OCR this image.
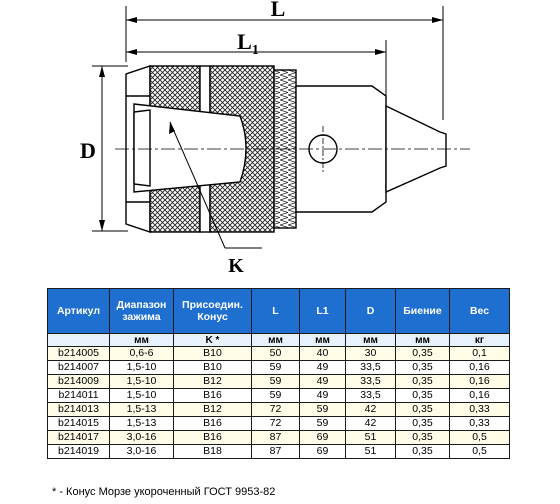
L
$L_1$
D
K
Артикул	Диапазон зажима	Присоедин. Конус	L	L1	D	Биение	Вес
	мм	K *	мм	мм	мм	мм	кг
b214005	0,6-6	B10	50	40	30	0,35	0,1
b214007	1,5-10	B10	59	49	33,5	0,35	0,16
b214009	1,5-10	B12	59	49	33,5	0,35	0,16
b214011	1,5-10	B16	59	49	33,5	0,35	0,16
b214013	1,5-13	B12	72	59	42	0,35	0,33
b214015	1,5-13	B16	72	59	42	0,35	0,33
b214017	3,0-16	B16	87	69	51	0,35	0,5
b214019	3,0-16	B18	87	69	51	0,35	0,5
* - Конус Морзе укороченный ГОСТ 9953-82
